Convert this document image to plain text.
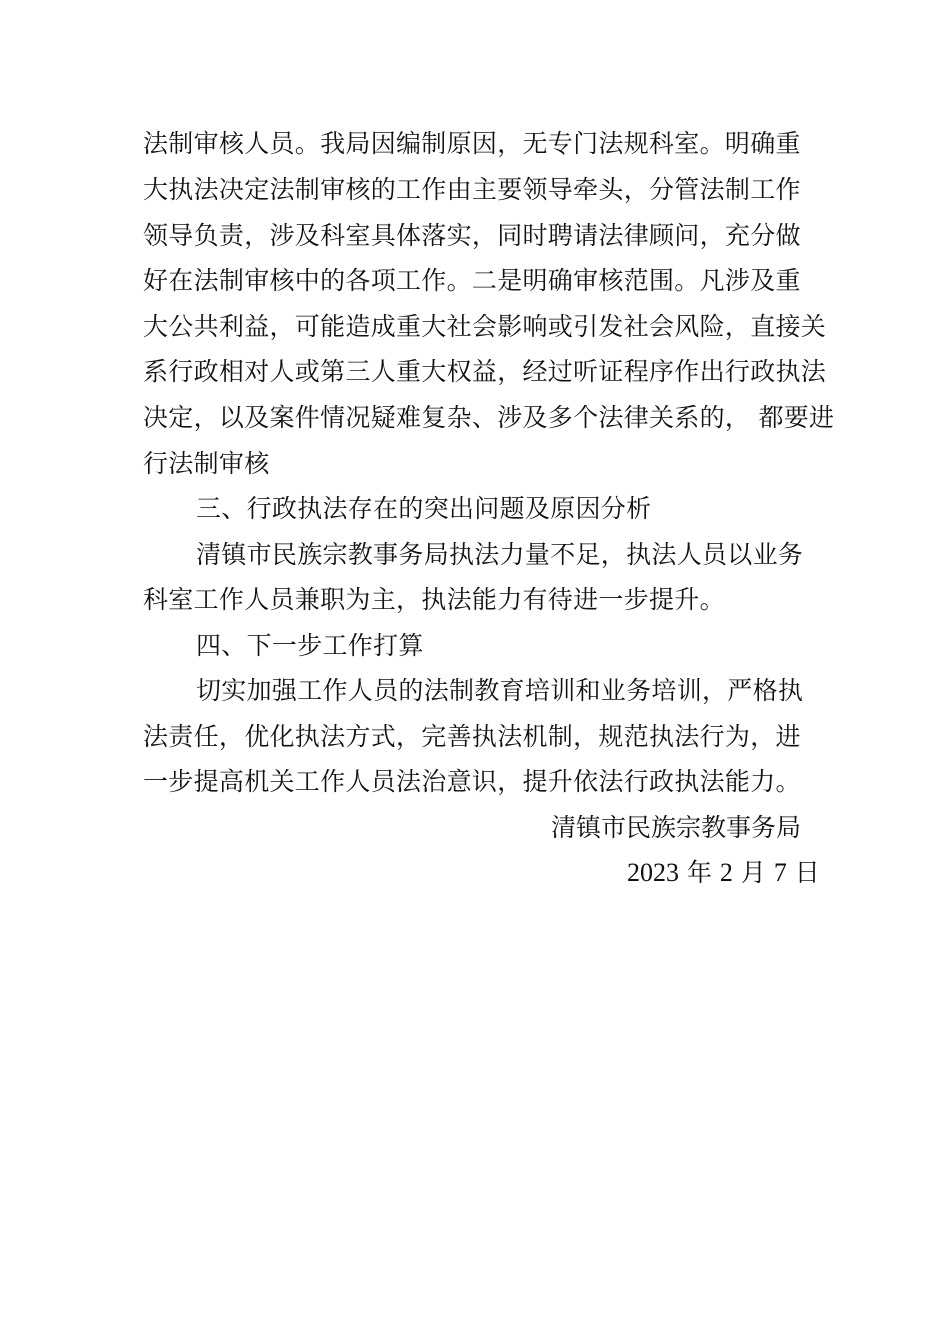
法制审核人员。我局因编制原因，无专门法规科室。明确重
大执法决定法制审核的工作由主要领导牵头，分管法制工作
领导负责，涉及科室具体落实，同时聘请法律顾问，充分做
好在法制审核中的各项工作。二是明确审核范围。凡涉及重
大公共利益，可能造成重大社会影响或引发社会风险，直接关
系行政相对人或第三人重大权益，经过听证程序作出行政执法
决定，以及案件情况疑难复杂、涉及多个法律关系的， 都要进
行法制审核
三、行政执法存在的突出问题及原因分析
清镇市民族宗教事务局执法力量不足，执法人员以业务
科室工作人员兼职为主，执法能力有待进一步提升。
四、下一步工作打算
切实加强工作人员的法制教育培训和业务培训，严格执
法责任，优化执法方式，完善执法机制，规范执法行为，进
一步提高机关工作人员法治意识，提升依法行政执法能力。
清镇市民族宗教事务局
2023 年 2 月 7 日
